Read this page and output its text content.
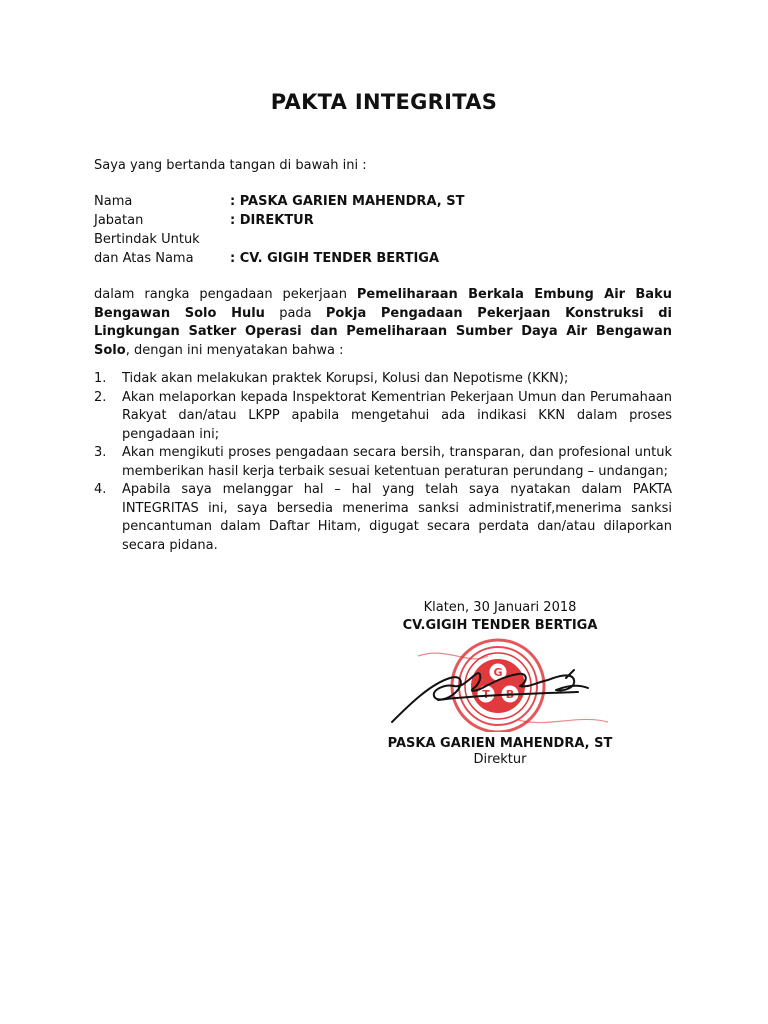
PAKTA INTEGRITAS
Saya yang bertanda tangan di bawah ini :
Nama	: PASKA GARIEN MAHENDRA, ST
Jabatan	: DIREKTUR
Bertindak Untuk
dan Atas Nama	: CV. GIGIH TENDER BERTIGA
dalam rangka pengadaan pekerjaan Pemeliharaan Berkala Embung Air Baku Bengawan Solo Hulu pada Pokja Pengadaan Pekerjaan Konstruksi di Lingkungan Satker Operasi dan Pemeliharaan Sumber Daya Air Bengawan Solo, dengan ini menyatakan bahwa :
1. Tidak akan melakukan praktek Korupsi, Kolusi dan Nepotisme (KKN);
2. Akan melaporkan kepada Inspektorat Kementrian Pekerjaan Umun dan Perumahaan Rakyat dan/atau LKPP apabila mengetahui ada indikasi KKN dalam proses pengadaan ini;
3. Akan mengikuti proses pengadaan secara bersih, transparan, dan profesional untuk memberikan hasil kerja terbaik sesuai ketentuan peraturan perundang – undangan;
4. Apabila saya melanggar hal – hal yang telah saya nyatakan dalam PAKTA INTEGRITAS ini, saya bersedia menerima sanksi administratif,menerima sanksi pencantuman dalam Daftar Hitam, digugat secara perdata dan/atau dilaporkan secara pidana.
Klaten, 30 Januari 2018
CV.GIGIH TENDER BERTIGA
G
T B
PASKA GARIEN MAHENDRA, ST
Direktur
